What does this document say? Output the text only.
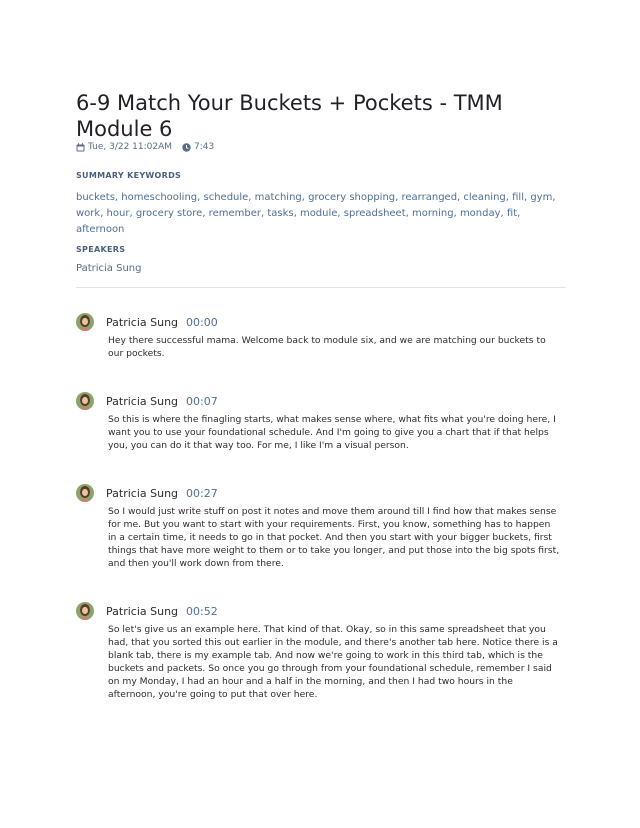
6-9 Match Your Buckets + Pockets - TMM Module 6
Tue, 3/22 11:02AM 7:43
SUMMARY KEYWORDS
buckets, homeschooling, schedule, matching, grocery shopping, rearranged, cleaning, fill, gym, work, hour, grocery store, remember, tasks, module, spreadsheet, morning, monday, fit, afternoon
SPEAKERS
Patricia Sung
Patricia Sung 00:00
Hey there successful mama. Welcome back to module six, and we are matching our buckets to our pockets.
Patricia Sung 00:07
So this is where the finagling starts, what makes sense where, what fits what you're doing here, I want you to use your foundational schedule. And I'm going to give you a chart that if that helps you, you can do it that way too. For me, I like I'm a visual person.
Patricia Sung 00:27
So I would just write stuff on post it notes and move them around till I find how that makes sense for me. But you want to start with your requirements. First, you know, something has to happen in a certain time, it needs to go in that pocket. And then you start with your bigger buckets, first things that have more weight to them or to take you longer, and put those into the big spots first, and then you'll work down from there.
Patricia Sung 00:52
So let's give us an example here. That kind of that. Okay, so in this same spreadsheet that you had, that you sorted this out earlier in the module, and there's another tab here. Notice there is a blank tab, there is my example tab. And now we're going to work in this third tab, which is the buckets and packets. So once you go through from your foundational schedule, remember I said on my Monday, I had an hour and a half in the morning, and then I had two hours in the afternoon, you're going to put that over here.
